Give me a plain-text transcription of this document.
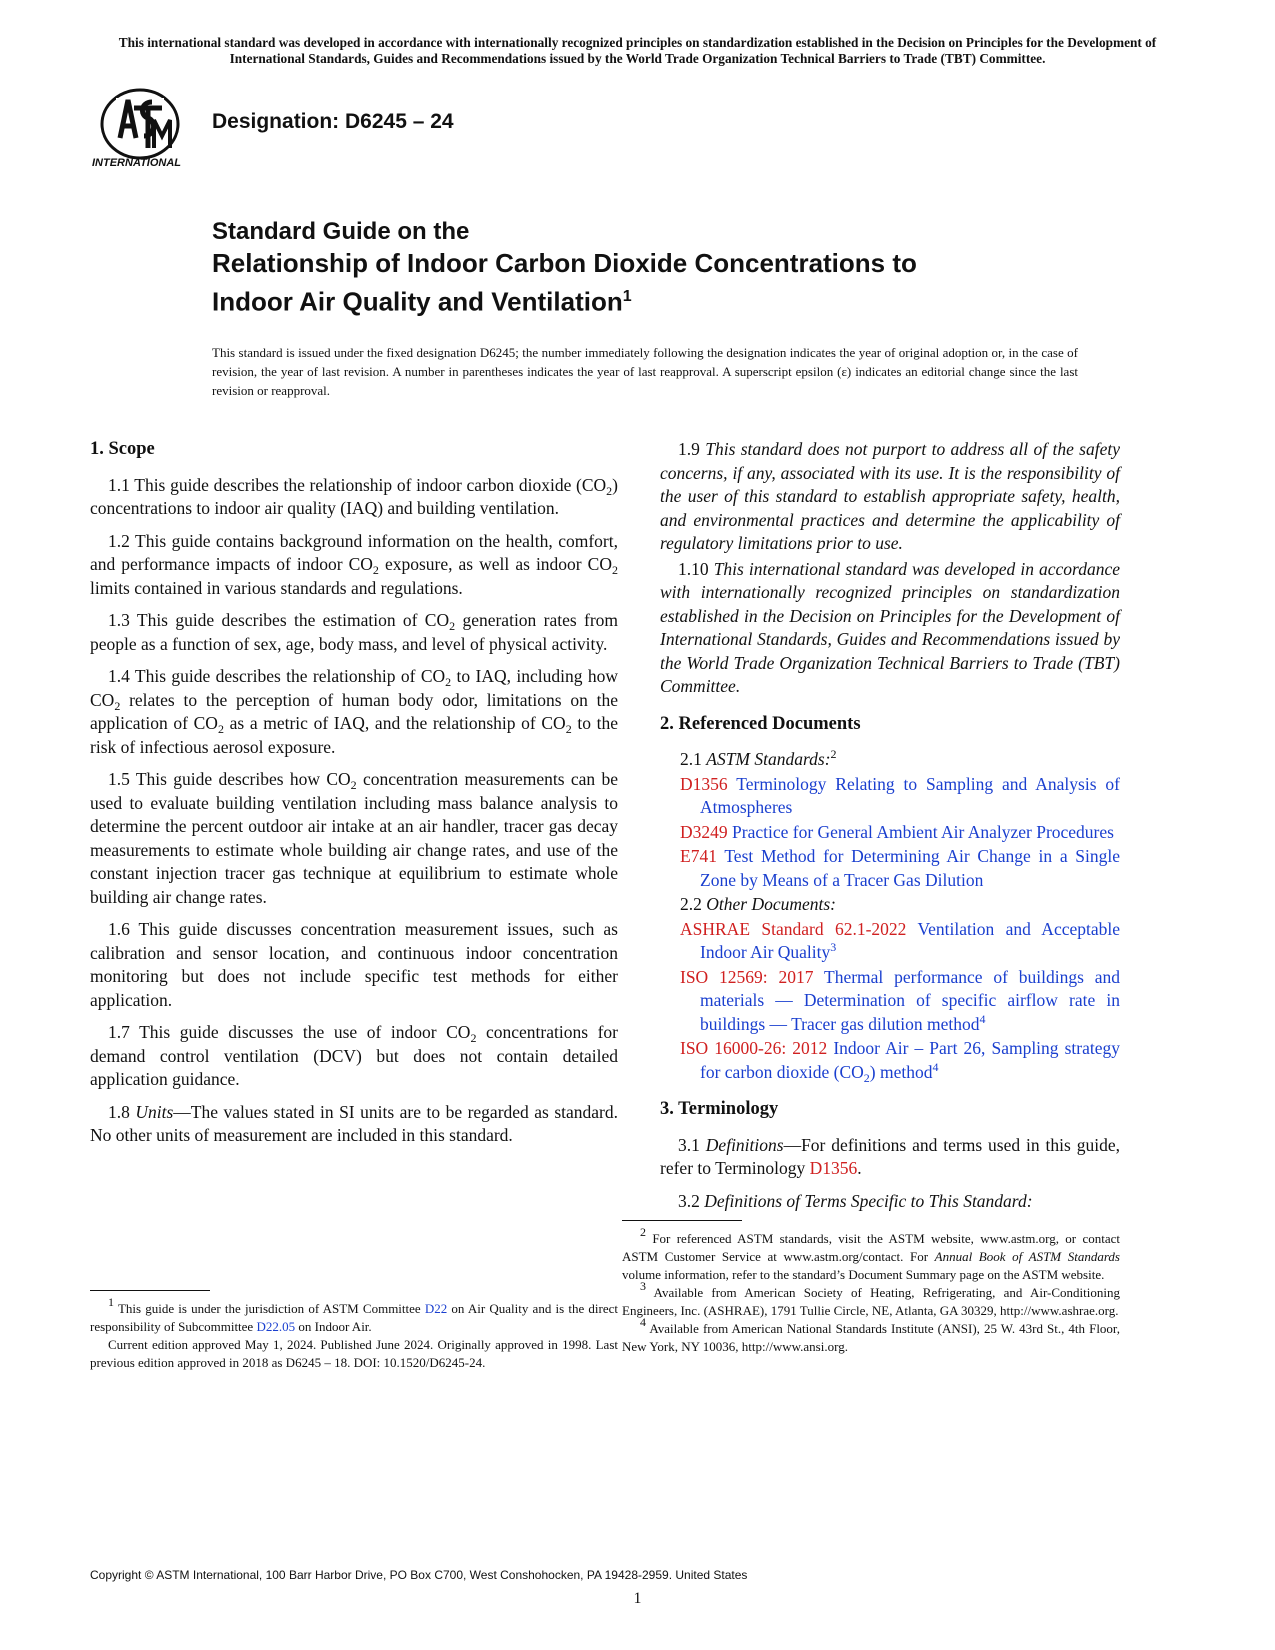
This international standard was developed in accordance with internationally recognized principles on standardization established in the Decision on Principles for the Development of International Standards, Guides and Recommendations issued by the World Trade Organization Technical Barriers to Trade (TBT) Committee.
INTERNATIONAL
Designation: D6245 – 24
Standard Guide on the
Relationship of Indoor Carbon Dioxide Concentrations to
Indoor Air Quality and Ventilation$^1$
This standard is issued under the fixed designation D6245; the number immediately following the designation indicates the year of original adoption or, in the case of revision, the year of last revision. A number in parentheses indicates the year of last reapproval. A superscript epsilon (ε) indicates an editorial change since the last revision or reapproval.
1. Scope

1.1 This guide describes the relationship of indoor carbon dioxide $(CO_2)$ concentrations to indoor air quality (IAQ) and building ventilation.

1.2 This guide contains background information on the health, comfort, and performance impacts of indoor $CO_2$ exposure, as well as indoor $CO_2$ limits contained in various standards and regulations.

1.3 This guide describes the estimation of $CO_2$ generation rates from people as a function of sex, age, body mass, and level of physical activity.

1.4 This guide describes the relationship of $CO_2$ to IAQ, including how $CO_2$ relates to the perception of human body odor, limitations on the application of $CO_2$ as a metric of IAQ, and the relationship of $CO_2$ to the risk of infectious aerosol exposure.

1.5 This guide describes how $CO_2$ concentration measurements can be used to evaluate building ventilation including mass balance analysis to determine the percent outdoor air intake at an air handler, tracer gas decay measurements to estimate whole building air change rates, and use of the constant injection tracer gas technique at equilibrium to estimate whole building air change rates.

1.6 This guide discusses concentration measurement issues, such as calibration and sensor location, and continuous indoor concentration monitoring but does not include specific test methods for either application.

1.7 This guide discusses the use of indoor $CO_2$ concentrations for demand control ventilation (DCV) but does not contain detailed application guidance.

1.8 Units—The values stated in SI units are to be regarded as standard. No other units of measurement are included in this standard.

1 This guide is under the jurisdiction of ASTM Committee D22 on Air Quality and is the direct responsibility of Subcommittee D22.05 on Indoor Air.

Current edition approved May 1, 2024. Published June 2024. Originally approved in 1998. Last previous edition approved in 2018 as D6245 – 18. DOI: 10.1520/D6245-24.

1.9 This standard does not purport to address all of the safety concerns, if any, associated with its use. It is the responsibility of the user of this standard to establish appropriate safety, health, and environmental practices and determine the applicability of regulatory limitations prior to use.

1.10 This international standard was developed in accordance with internationally recognized principles on standardization established in the Decision on Principles for the Development of International Standards, Guides and Recommendations issued by the World Trade Organization Technical Barriers to Trade (TBT) Committee.

2. Referenced Documents

2.1 ASTM Standards:$^2$

D1356 Terminology Relating to Sampling and Analysis of Atmospheres

D3249 Practice for General Ambient Air Analyzer Procedures

E741 Test Method for Determining Air Change in a Single Zone by Means of a Tracer Gas Dilution

2.2 Other Documents:

ASHRAE Standard 62.1-2022 Ventilation and Acceptable Indoor Air Quality$^3$

ISO 12569: 2017 Thermal performance of buildings and materials — Determination of specific airflow rate in buildings — Tracer gas dilution method$^4$

ISO 16000-26: 2012 Indoor Air – Part 26, Sampling strategy for carbon dioxide $(CO_2)$ method$^4$

3. Terminology

3.1 Definitions—For definitions and terms used in this guide, refer to Terminology D1356.

3.2 Definitions of Terms Specific to This Standard:

2 For referenced ASTM standards, visit the ASTM website, www.astm.org, or contact ASTM Customer Service at www.astm.org/contact. For Annual Book of ASTM Standards volume information, refer to the standard’s Document Summary page on the ASTM website.

3 Available from American Society of Heating, Refrigerating, and Air-Conditioning Engineers, Inc. (ASHRAE), 1791 Tullie Circle, NE, Atlanta, GA 30329, http://www.ashrae.org.

4 Available from American National Standards Institute (ANSI), 25 W. 43rd St., 4th Floor, New York, NY 10036, http://www.ansi.org.

Copyright © ASTM International, 100 Barr Harbor Drive, PO Box C700, West Conshohocken, PA 19428-2959. United States
1
